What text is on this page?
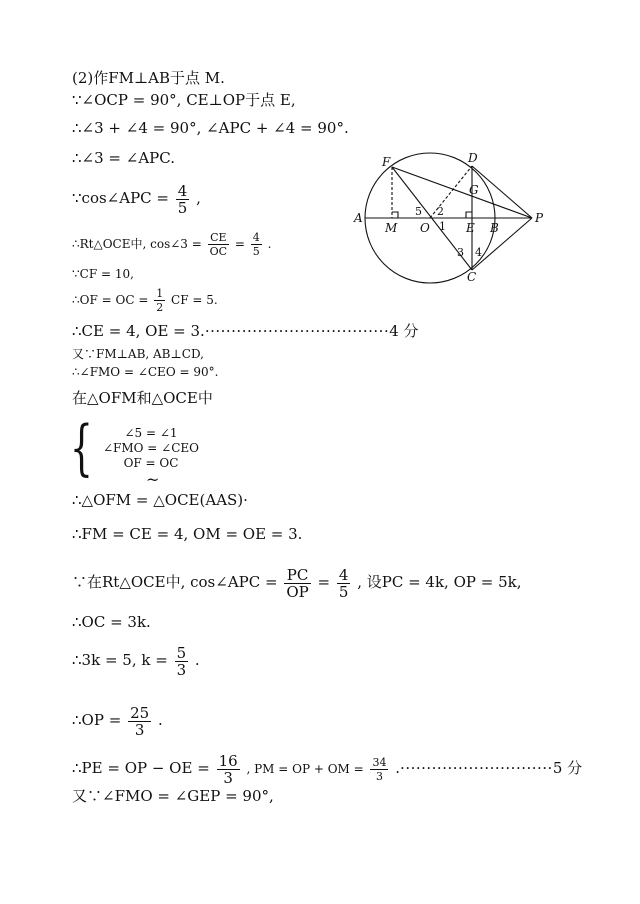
(2)作FM⊥AB于点 M.
∵∠OCP = 90°, CE⊥OP于点 E,
∴∠3 + ∠4 = 90°, ∠APC + ∠4 = 90°.
∴∠3 = ∠APC.
∵cos∠APC = $\frac{4}{5}$ ,
∴Rt△OCE中, cos∠3 = $\frac{CE}{OC} = \frac{4}{5}$ .
∵CF = 10,
∴OF = OC = $\frac{1}{2}$ CF = 5.
∴CE = 4, OE = 3.···································4 分
又∵FM⊥AB, AB⊥CD,
∴∠FMO = ∠CEO = 90°.
在△OFM和△OCE中
{	∠5 = ∠1
∠FMO = ∠CEO
OF = OC
~
∴△OFM = △OCE(AAS)·
∴FM = CE = 4, OM = OE = 3.
∵在Rt△OCE中, cos∠APC = $\frac{PC}{OP} = \frac{4}{5}$ , 设PC = 4k, OP = 5k,
∴OC = 3k.
∴3k = 5, $k = \frac{5}{3}$ .
∴OP = $\frac{25}{3}$ .
∴PE = OP − OE = $\frac{16}{3}$ , PM = OP + OM = $\frac{34}{3} .\cdot\cdot\cdot\cdot\cdot\cdot\cdot\cdot\cdot\cdot\cdot\cdot\cdot\cdot\cdot\cdot\cdot\cdot\cdot\cdot\cdot\cdot\cdot\cdot\cdot\cdot\cdot\cdot\cdot 5$ 分
又∵∠FMO = ∠GEP = 90°,
F	D
G
A
M O	E B
P
C
5 2
1
3 4
